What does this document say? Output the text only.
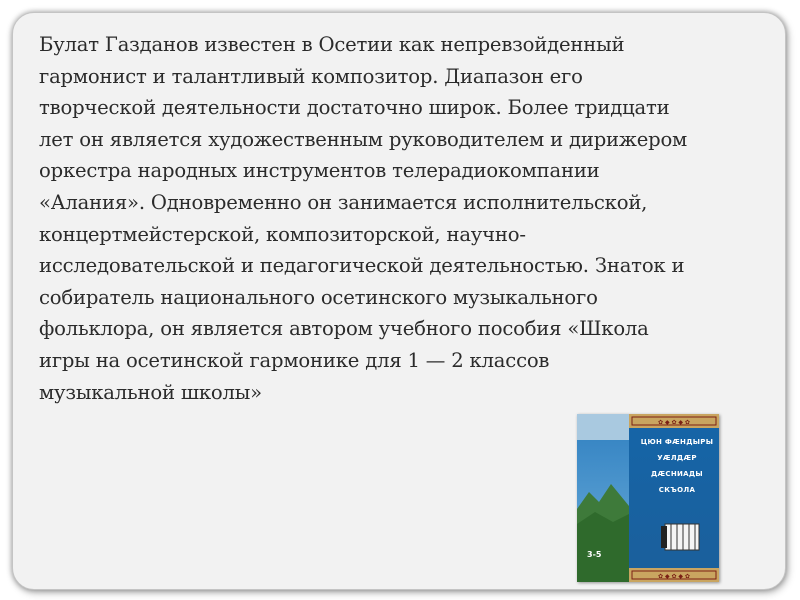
Булат Газданов известен в Осетии как непревзойденный
гармонист и талантливый композитор. Диапазон его
творческой деятельности достаточно широк. Более тридцати
лет он является художественным руководителем и дирижером
оркестра народных инструментов телерадиокомпании
«Алания». Одновременно он занимается исполнительской,
концертмейстерской, композиторской, научно-
исследовательской и педагогической деятельностью. Знаток и
собиратель национального осетинского музыкального
фольклора, он является автором учебного пособия «Школа
игры на осетинской гармонике для 1 — 2 классов
музыкальной школы»

✿ ◆ ✿ ◆ ✿
✿ ◆ ✿ ◆ ✿
ЦЮН ФÆНДЫРЫ
УÆЛДÆР
ДÆСНИАДЫ
СКЪОЛА
3-5
